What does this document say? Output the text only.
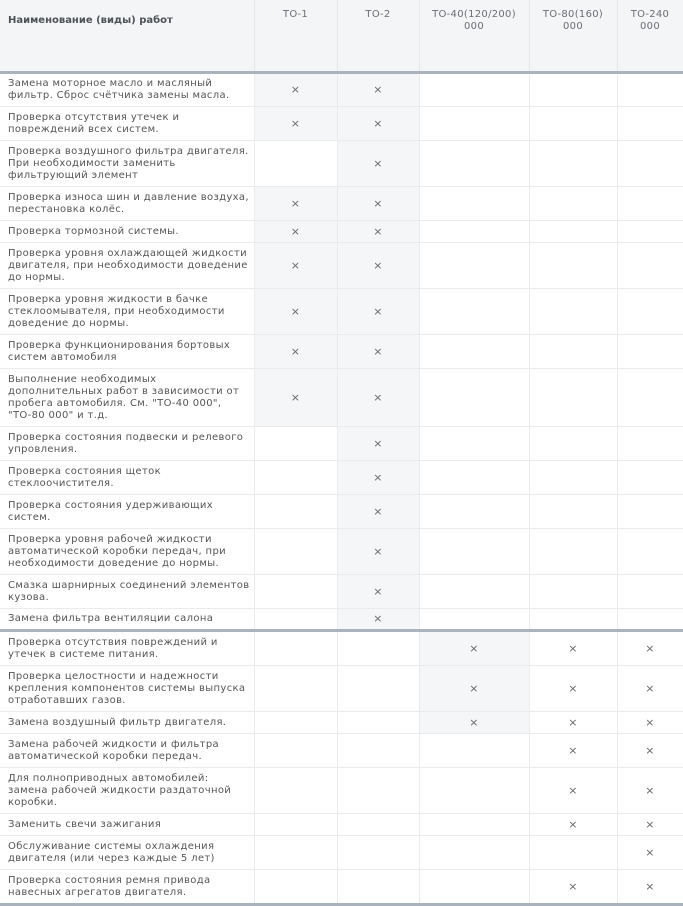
Наименование (виды) работ	ТО-1	ТО-2	ТО-40(120/200) 000	ТО-80(160) 000	ТО-240 000

Замена моторное масло и масляный фильтр. Сброс счётчика замены масла.	×	×			
Проверка отсутствия утечек и повреждений всех систем.	×	×			
Проверка воздушного фильтра двигателя. При необходимости заменить фильтрующий элемент		×			
Проверка износа шин и давление воздуха, перестановка колёс.	×	×			
Проверка тормозной системы.	×	×			
Проверка уровня охлаждающей жидкости двигателя, при необходимости доведение до нормы.	×	×			
Проверка уровня жидкости в бачке стеклоомывателя, при необходимости доведение до нормы.	×	×			
Проверка функционирования бортовых систем автомобиля	×	×			
Выполнение необходимых дополнительных работ в зависимости от пробега автомобиля. См. "ТО-40 000", "ТО-80 000" и т.д.	×	×			
Проверка состояния подвески и релевого упровления.		×			
Проверка состояния щеток стеклоочистителя.		×			
Проверка состояния удерживающих систем.		×			
Проверка уровня рабочей жидкости автоматической коробки передач, при необходимости доведение до нормы.		×			
Смазка шарнирных соединений элементов кузова.		×			
Замена фильтра вентиляции салона		×			
Проверка отсутствия повреждений и утечек в системе питания.			×	×	×
Проверка целостности и надежности крепления компонентов системы выпуска отработавших газов.			×	×	×
Замена воздушный фильтр двигателя.			×	×	×
Замена рабочей жидкости и фильтра автоматической коробки передач.				×	×
Для полноприводных автомобилей: замена рабочей жидкости раздаточной коробки.				×	×
Заменить свечи зажигания				×	×
Обслуживание системы охлаждения двигателя (или через каждые 5 лет)					×
Проверка состояния ремня привода навесных агрегатов двигателя.				×	×
